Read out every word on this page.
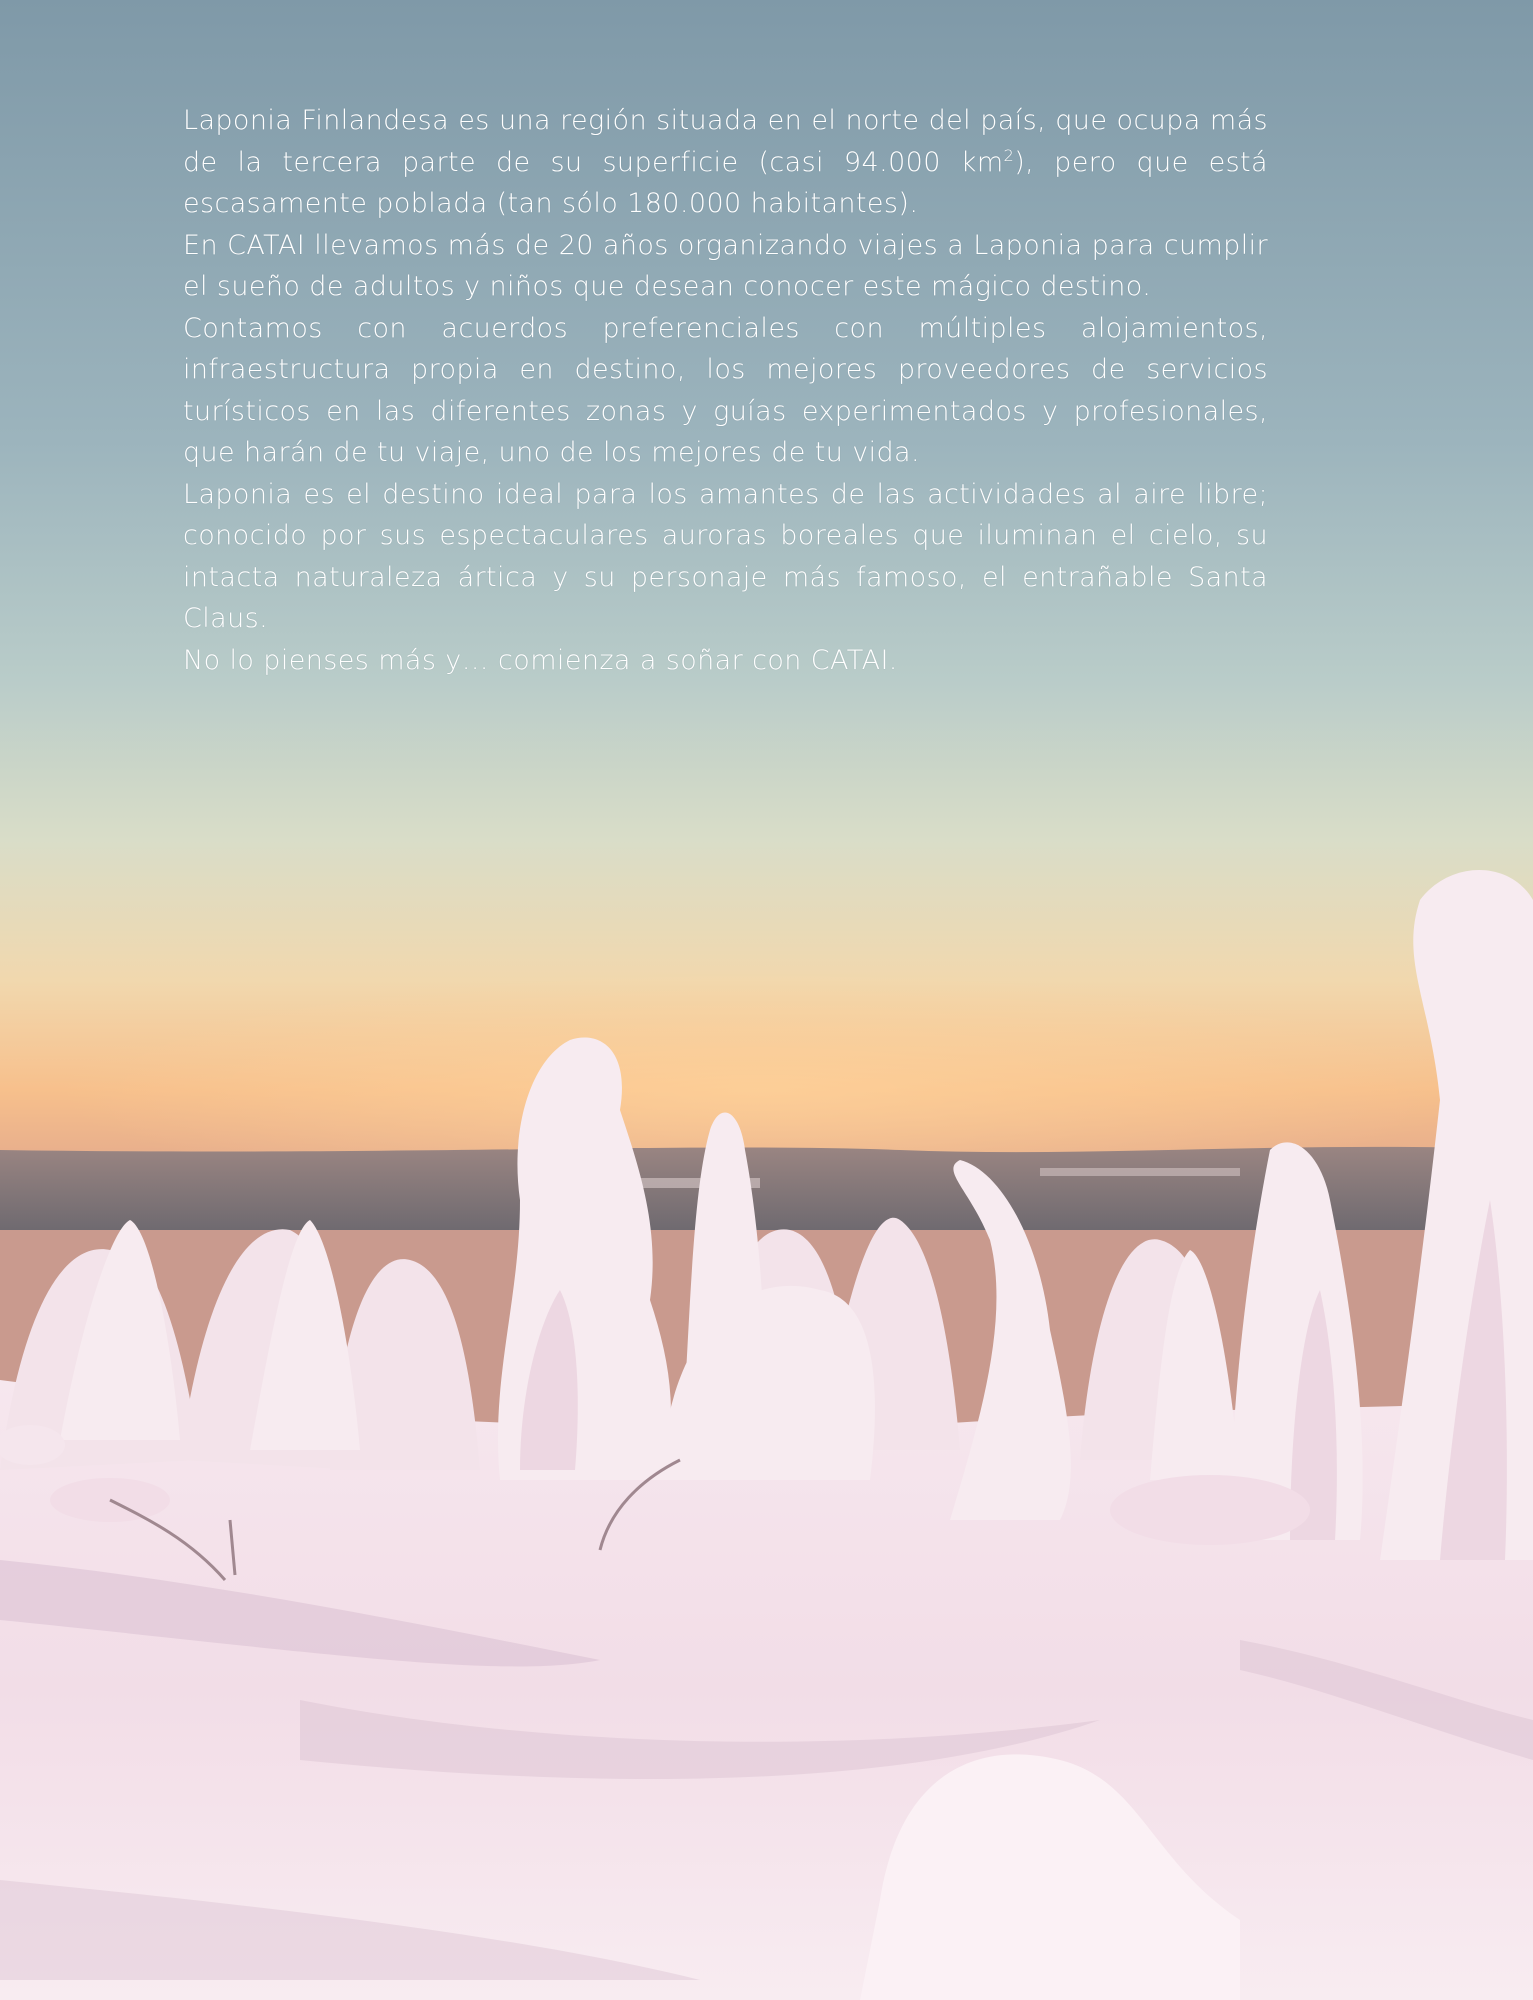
Laponia Finlandesa es una región situada en el norte del país, que ocupa más de la tercera parte de su superficie (casi 94.000 $km^2$), pero que está escasamente poblada (tan sólo 180.000 habitantes).

En CATAI llevamos más de 20 años organizando viajes a Laponia para cumplir el sueño de adultos y niños que desean conocer este mágico destino.

Contamos con acuerdos preferenciales con múltiples alojamientos, infraestructura propia en destino, los mejores proveedores de servicios turísticos en las diferentes zonas y guías experimentados y profesionales, que harán de tu viaje, uno de los mejores de tu vida.

Laponia es el destino ideal para los amantes de las actividades al aire libre; conocido por sus espectaculares auroras boreales que iluminan el cielo, su intacta naturaleza ártica y su personaje más famoso, el entrañable Santa Claus.

No lo pienses más y… comienza a soñar con CATAI.
